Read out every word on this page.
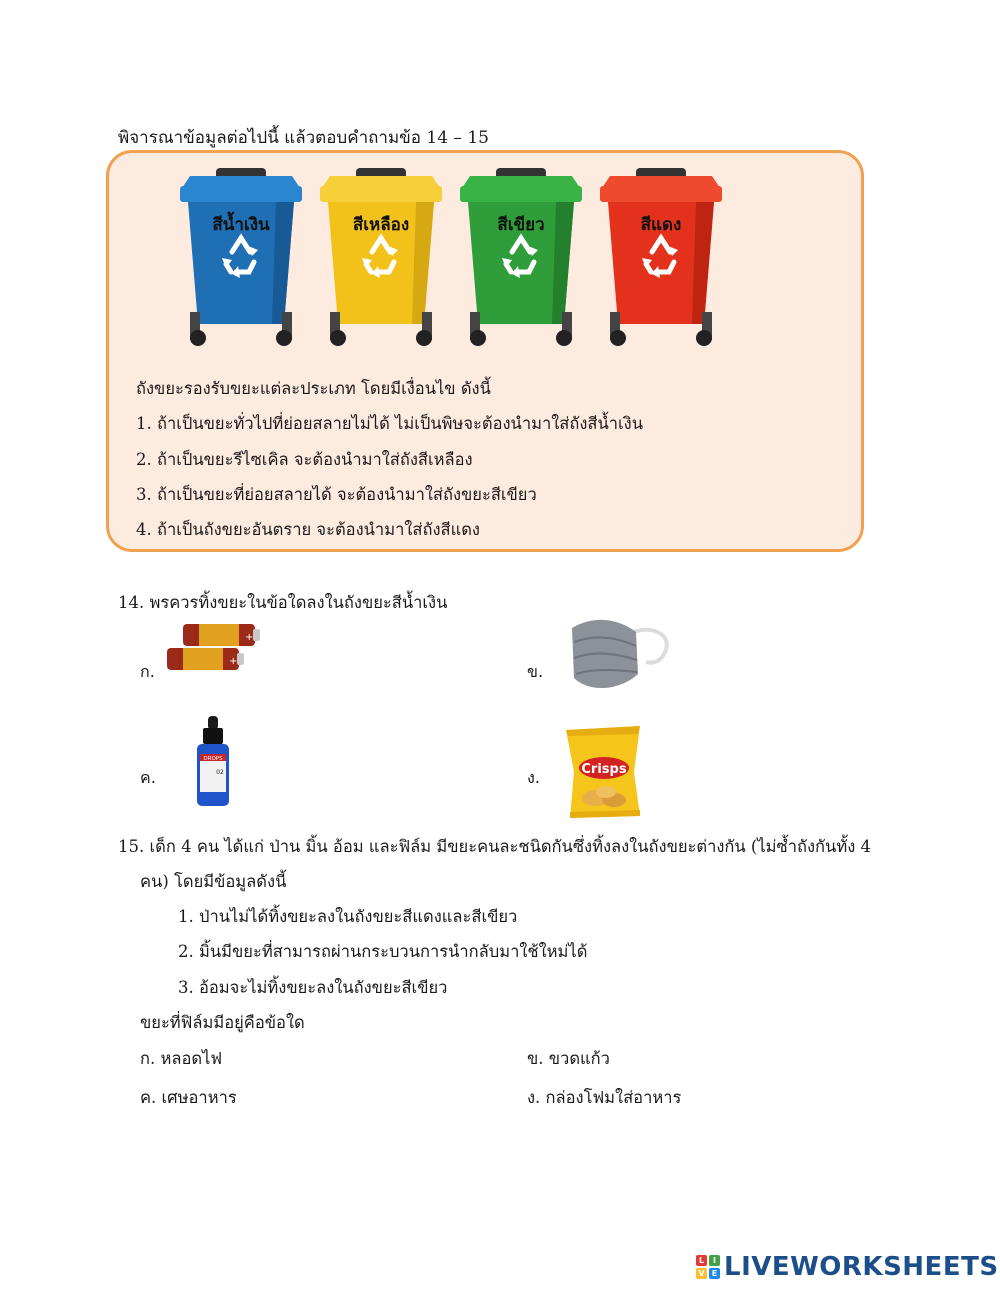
พิจารณาข้อมูลต่อไปนี้ แล้วตอบคำถามข้อ 14 – 15
สีน้ำเงิน	สีเหลือง	สีเขียว	สีแดง
ถังขยะรองรับขยะแต่ละประเภท โดยมีเงื่อนไข ดังนี้
1. ถ้าเป็นขยะทั่วไปที่ย่อยสลายไม่ได้ ไม่เป็นพิษจะต้องนำมาใส่ถังสีน้ำเงิน
2. ถ้าเป็นขยะรีไซเคิล จะต้องนำมาใส่ถังสีเหลือง
3. ถ้าเป็นขยะที่ย่อยสลายได้ จะต้องนำมาใส่ถังขยะสีเขียว
4. ถ้าเป็นถังขยะอันตราย จะต้องนำมาใส่ถังสีแดง
14. พรควรทิ้งขยะในข้อใดลงในถังขยะสีน้ำเงิน
ก.
+
+
ข.
ค.
DROPS
02	ง.	Crisps
15. เด็ก 4 คน ได้แก่ ป่าน มิ้น อ้อม และฟิล์ม มีขยะคนละชนิดกันซึ่งทิ้งลงในถังขยะต่างกัน (ไม่ซ้ำถังกันทั้ง 4
คน) โดยมีข้อมูลดังนี้
1. ป่านไม่ได้ทิ้งขยะลงในถังขยะสีแดงและสีเขียว
2. มิ้นมีขยะที่สามารถผ่านกระบวนการนำกลับมาใช้ใหม่ได้
3. อ้อมจะไม่ทิ้งขยะลงในถังขยะสีเขียว
ขยะที่ฟิล์มมีอยู่คือข้อใด
ก. หลอดไฟ	ข. ขวดแก้ว
ค. เศษอาหาร	ง. กล่องโฟมใส่อาหาร
L	I
V E LIVEWORKSHEETS
